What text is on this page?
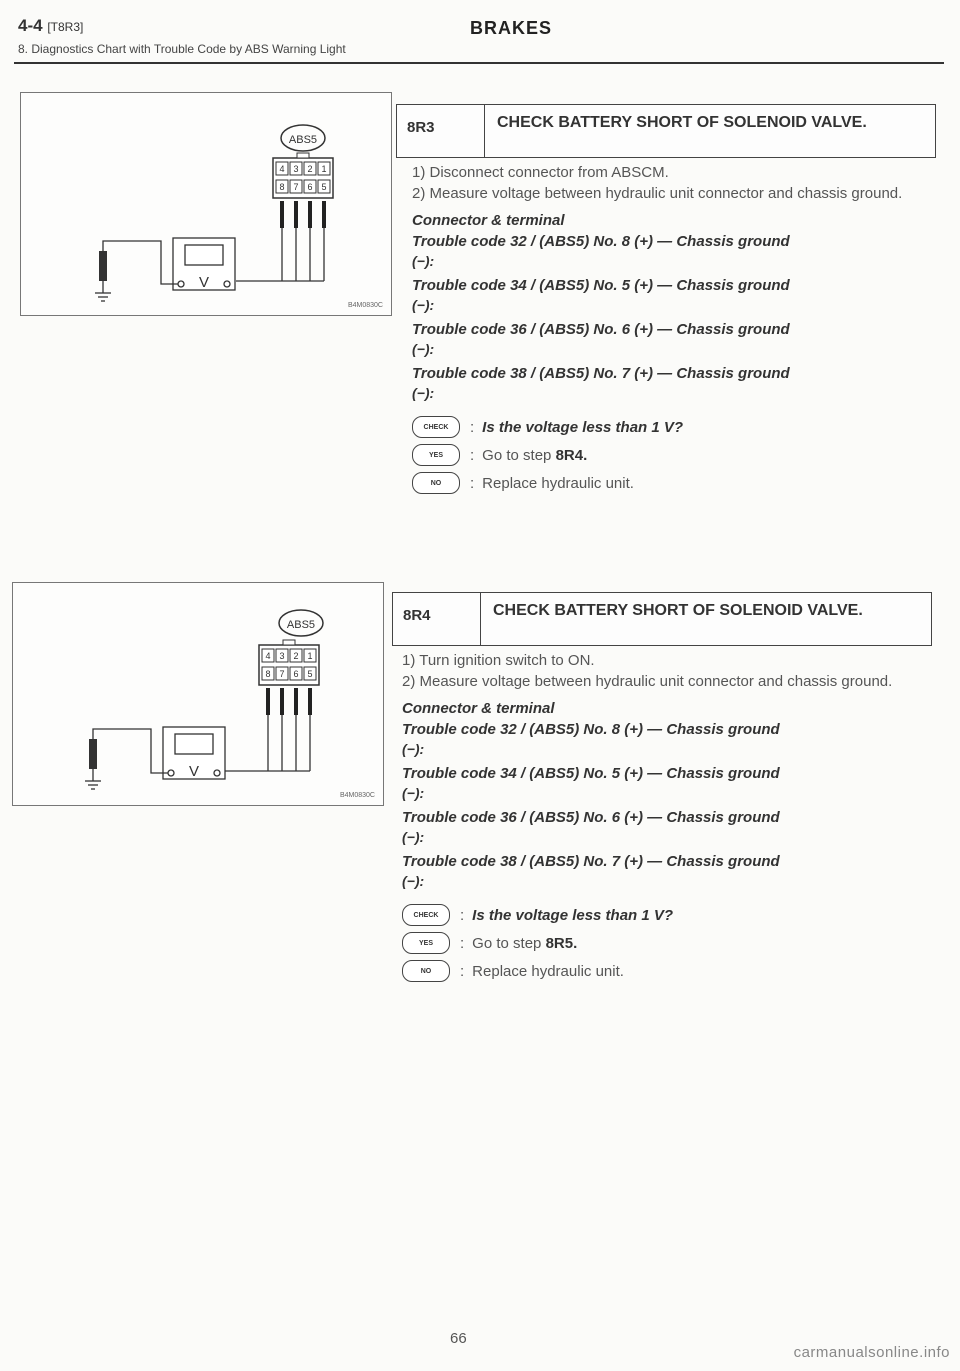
4-4 [T8R3]	BRAKES
8. Diagnostics Chart with Trouble Code by ABS Warning Light
ABS5
4 3 2 1
8 7 6 5
V
B4M0830C
ABS5
4 3 2 1
8 7 6 5
V
B4M0830C
8R3	CHECK BATTERY SHORT OF SOLENOID VALVE.

1) Disconnect connector from ABSCM.

2) Measure voltage between hydraulic unit connector and chassis ground.

Connector & terminal

Trouble code 32 / (ABS5) No. 8 (+) — Chassis ground

(−):

Trouble code 34 / (ABS5) No. 5 (+) — Chassis ground

(−):

Trouble code 36 / (ABS5) No. 6 (+) — Chassis ground

(−):

Trouble code 38 / (ABS5) No. 7 (+) — Chassis ground

(−):

CHECK	: Is the voltage less than 1 V?
YES	: Go to step
8R4.
NO	: Replace hydraulic unit.
8R4	CHECK BATTERY SHORT OF SOLENOID VALVE.

1) Turn ignition switch to ON.

2) Measure voltage between hydraulic unit connector and chassis ground.

Connector & terminal

Trouble code 32 / (ABS5) No. 8 (+) — Chassis ground

(−):

Trouble code 34 / (ABS5) No. 5 (+) — Chassis ground

(−):

Trouble code 36 / (ABS5) No. 6 (+) — Chassis ground

(−):

Trouble code 38 / (ABS5) No. 7 (+) — Chassis ground

(−):

CHECK	: Is the voltage less than 1 V?
YES	: Go to step
8R5.
NO	: Replace hydraulic unit.
66
carmanualsonline.info
